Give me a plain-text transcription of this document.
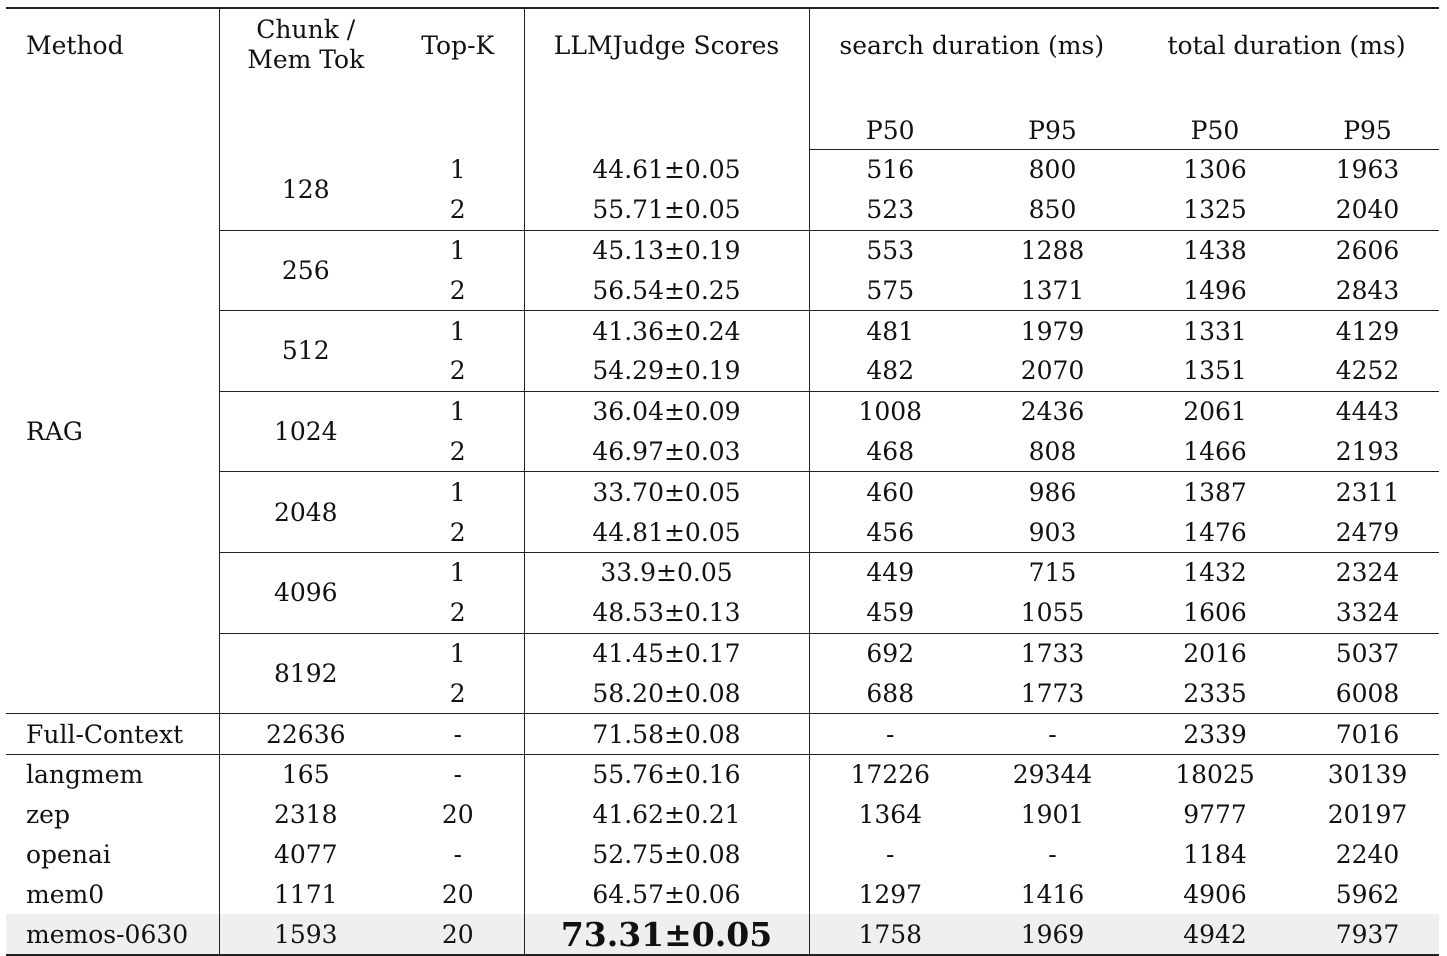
Method	Chunk /
Mem Tok	Top-K	LLMJudge Scores	search duration (ms)		total duration (ms)	
				P50	P95	P50	P95
RAG	128	1	44.61±0.05	516	800	1306	1963
		2	55.71±0.05	523	850	1325	2040
	256	1	45.13±0.19	553	1288	1438	2606
		2	56.54±0.25	575	1371	1496	2843
	512	1	41.36±0.24	481	1979	1331	4129
		2	54.29±0.19	482	2070	1351	4252
	1024	1	36.04±0.09	1008	2436	2061	4443
		2	46.97±0.03	468	808	1466	2193
	2048	1	33.70±0.05	460	986	1387	2311
		2	44.81±0.05	456	903	1476	2479
	4096	1	33.9±0.05	449	715	1432	2324
		2	48.53±0.13	459	1055	1606	3324
	8192	1	41.45±0.17	692	1733	2016	5037
		2	58.20±0.08	688	1773	2335	6008
Full-Context	22636	-	71.58±0.08	-	-	2339	7016
langmem	165	-	55.76±0.16	17226	29344	18025	30139
zep	2318	20	41.62±0.21	1364	1901	9777	20197
openai	4077	-	52.75±0.08	-	-	1184	2240
mem0	1171	20	64.57±0.06	1297	1416	4906	5962
memos-0630	1593	20	73.31±0.05	1758	1969	4942	7937
